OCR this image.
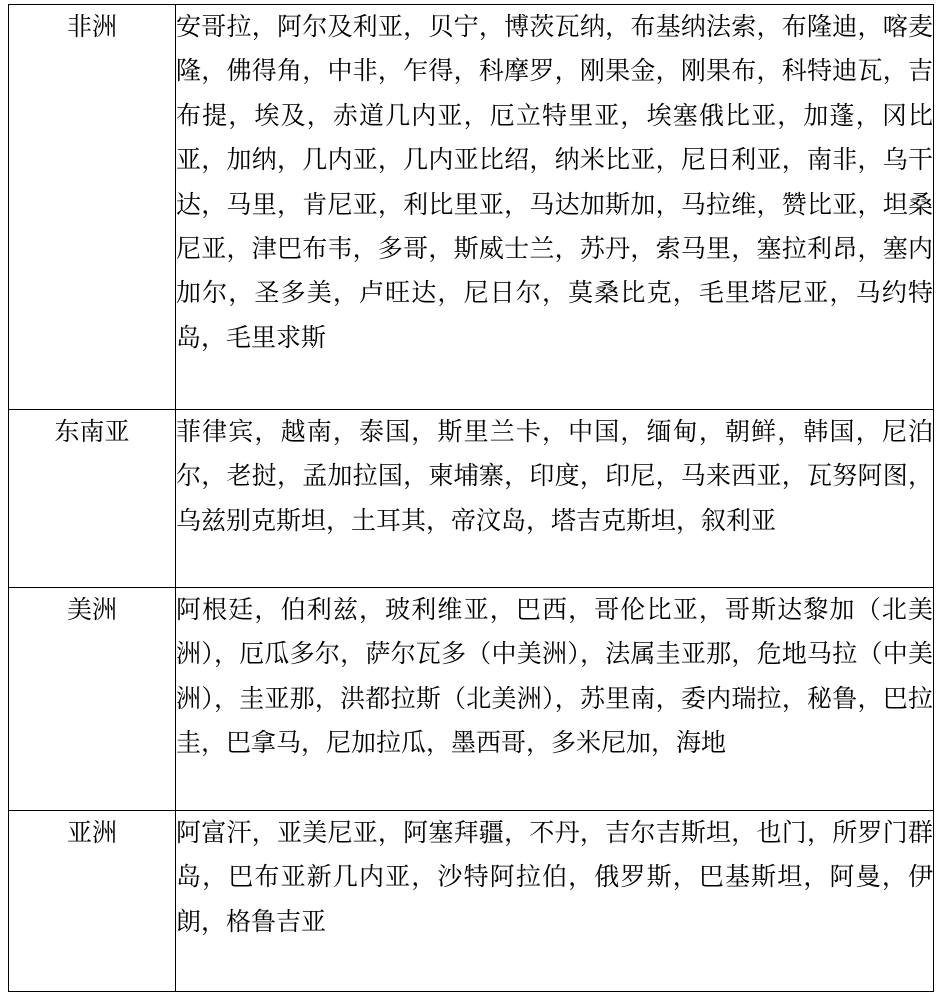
非洲	安哥拉，阿尔及利亚，贝宁，博茨瓦纳，布基纳法索，布隆迪，喀麦隆，佛得角，中非，乍得，科摩罗，刚果金，刚果布，科特迪瓦，吉布提，埃及，赤道几内亚，厄立特里亚，埃塞俄比亚，加蓬，冈比亚，加纳，几内亚，几内亚比绍，纳米比亚，尼日利亚，南非，乌干达，马里，肯尼亚，利比里亚，马达加斯加，马拉维，赞比亚，坦桑尼亚，津巴布韦，多哥，斯威士兰，苏丹，索马里，塞拉利昂，塞内加尔，圣多美，卢旺达，尼日尔，莫桑比克，毛里塔尼亚，马约特岛，毛里求斯
东南亚	菲律宾，越南，泰国，斯里兰卡，中国，缅甸，朝鲜，韩国，尼泊尔，老挝，孟加拉国，柬埔寨，印度，印尼，马来西亚，瓦努阿图，乌兹别克斯坦，土耳其，帝汶岛，塔吉克斯坦，叙利亚
美洲	阿根廷，伯利兹，玻利维亚，巴西，哥伦比亚，哥斯达黎加（北美洲），厄瓜多尔，萨尔瓦多（中美洲），法属圭亚那，危地马拉（中美洲），圭亚那，洪都拉斯（北美洲），苏里南，委内瑞拉，秘鲁，巴拉圭，巴拿马，尼加拉瓜，墨西哥，多米尼加，海地
亚洲	阿富汗，亚美尼亚，阿塞拜疆，不丹，吉尔吉斯坦，也门，所罗门群岛，巴布亚新几内亚，沙特阿拉伯，俄罗斯，巴基斯坦，阿曼，伊朗，格鲁吉亚
